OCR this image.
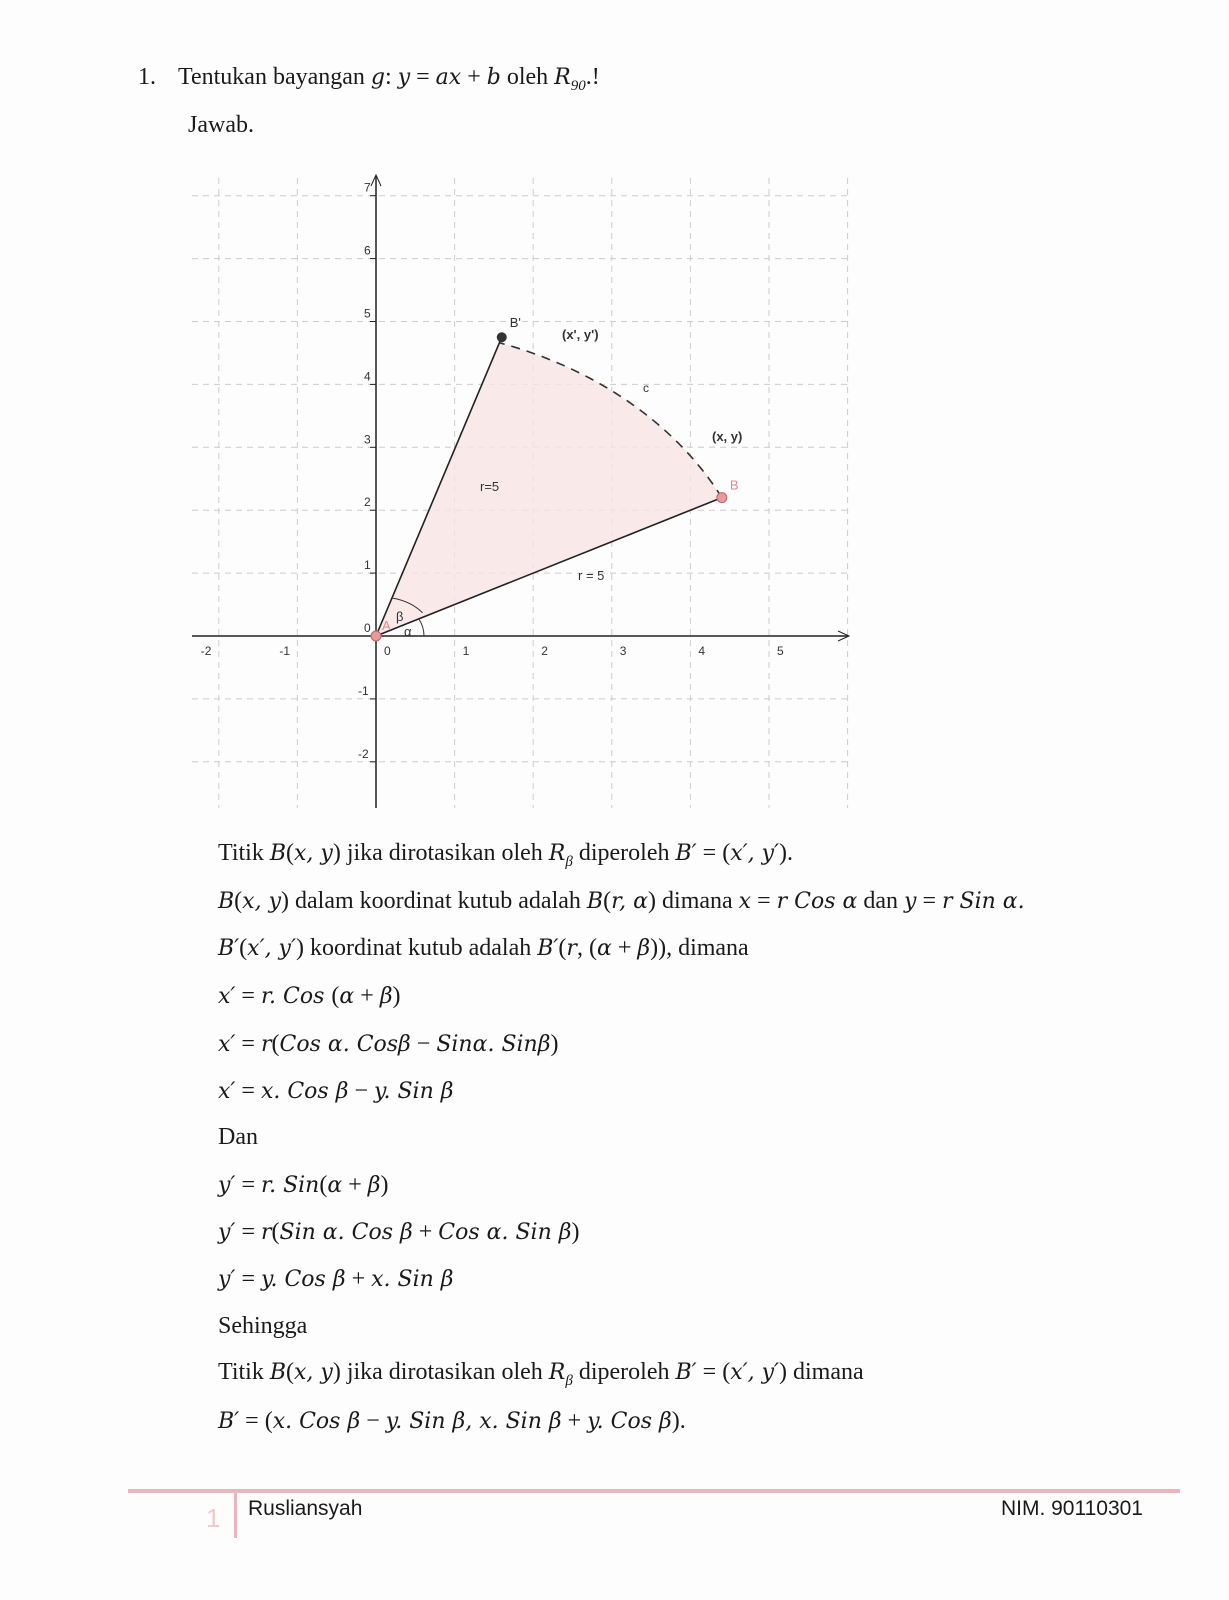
1. Tentukan bayangan g: y = ax + b oleh $R_{90}$.!
Jawab.
-2	-1	0	1	2	3	4	5
7
6
5
4
3
2
1
0
-1
-2
β
α
r=5
r = 5
c
(x', y')
(x, y)
A
B
B'
Titik B(x, y) jika dirotasikan oleh $R_\beta$ diperoleh B′ = (x′, y′).
B(x, y) dalam koordinat kutub adalah B(r, α) dimana x = r Cos α dan y = r Sin α.
B′(x′, y′) koordinat kutub adalah B′(r, (α + β)), dimana
x′ = r. Cos (α + β)
x′ = r(Cos α. Cosβ − Sinα. Sinβ)
x′ = x. Cos β − y. Sin β
Dan
y′ = r. Sin(α + β)
y′ = r(Sin α. Cos β + Cos α. Sin β)
y′ = y. Cos β + x. Sin β
Sehingga
Titik B(x, y) jika dirotasikan oleh $R_\beta$ diperoleh B′ = (x′, y′) dimana
B′ = (x. Cos β − y. Sin β, x. Sin β + y. Cos β).
1 Rusliansyah	NIM. 90110301
